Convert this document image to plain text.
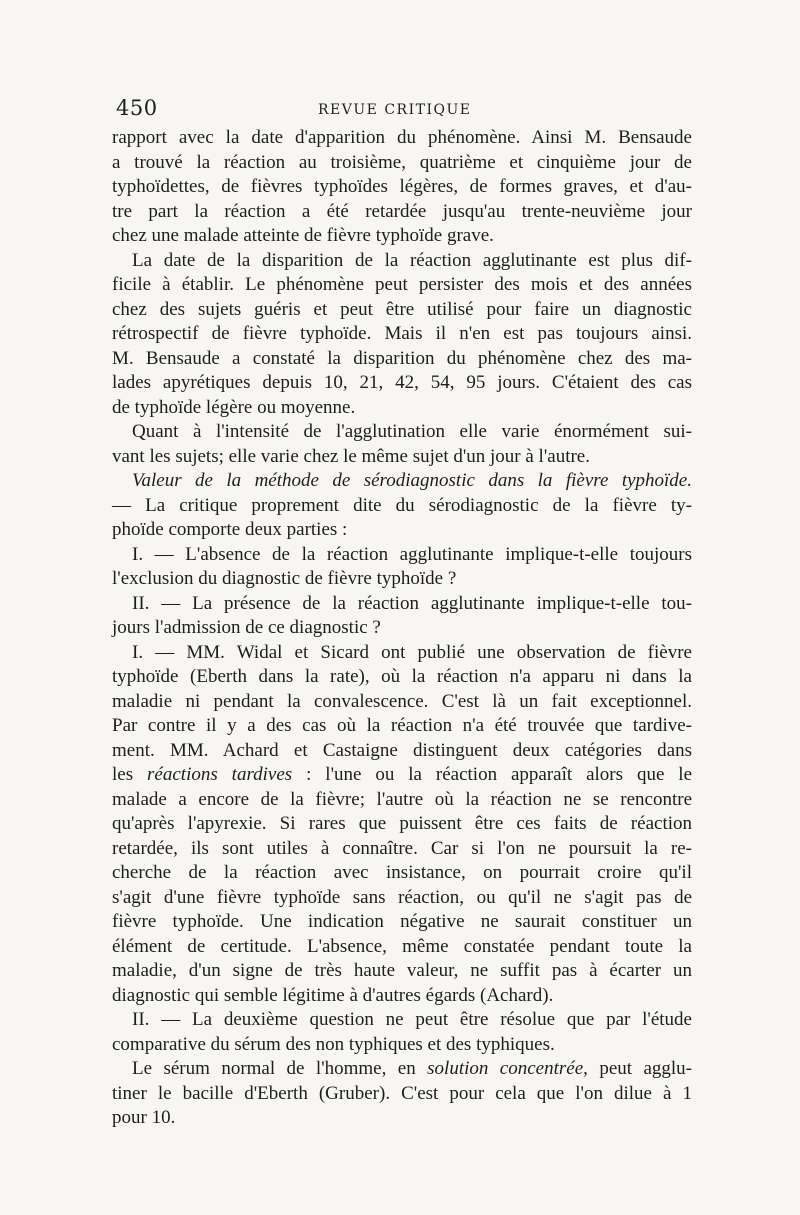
450	REVUE CRITIQUE
rapport avec la date d'apparition du phénomène. Ainsi M. Bensaude
a trouvé la réaction au troisième, quatrième et cinquième jour de
typhoïdettes, de fièvres typhoïdes légères, de formes graves, et d'au-
tre part la réaction a été retardée jusqu'au trente-neuvième jour
chez une malade atteinte de fièvre typhoïde grave.
La date de la disparition de la réaction agglutinante est plus dif-
ficile à établir. Le phénomène peut persister des mois et des années
chez des sujets guéris et peut être utilisé pour faire un diagnostic
rétrospectif de fièvre typhoïde. Mais il n'en est pas toujours ainsi.
M. Bensaude a constaté la disparition du phénomène chez des ma-
lades apyrétiques depuis 10, 21, 42, 54, 95 jours. C'étaient des cas
de typhoïde légère ou moyenne.
Quant à l'intensité de l'agglutination elle varie énormément sui-
vant les sujets; elle varie chez le même sujet d'un jour à l'autre.
Valeur de la méthode de sérodiagnostic dans la fièvre typhoïde.
— La critique proprement dite du sérodiagnostic de la fièvre ty-
phoïde comporte deux parties :
I. — L'absence de la réaction agglutinante implique-t-elle toujours
l'exclusion du diagnostic de fièvre typhoïde ?
II. — La présence de la réaction agglutinante implique-t-elle tou-
jours l'admission de ce diagnostic ?
I. — MM. Widal et Sicard ont publié une observation de fièvre
typhoïde (Eberth dans la rate), où la réaction n'a apparu ni dans la
maladie ni pendant la convalescence. C'est là un fait exceptionnel.
Par contre il y a des cas où la réaction n'a été trouvée que tardive-
ment. MM. Achard et Castaigne distinguent deux catégories dans
les réactions tardives : l'une ou la réaction apparaît alors que le
malade a encore de la fièvre; l'autre où la réaction ne se rencontre
qu'après l'apyrexie. Si rares que puissent être ces faits de réaction
retardée, ils sont utiles à connaître. Car si l'on ne poursuit la re-
cherche de la réaction avec insistance, on pourrait croire qu'il
s'agit d'une fièvre typhoïde sans réaction, ou qu'il ne s'agit pas de
fièvre typhoïde. Une indication négative ne saurait constituer un
élément de certitude. L'absence, même constatée pendant toute la
maladie, d'un signe de très haute valeur, ne suffit pas à écarter un
diagnostic qui semble légitime à d'autres égards (Achard).
II. — La deuxième question ne peut être résolue que par l'étude
comparative du sérum des non typhiques et des typhiques.
Le sérum normal de l'homme, en solution concentrée, peut agglu-
tiner le bacille d'Eberth (Gruber). C'est pour cela que l'on dilue à 1
pour 10.
